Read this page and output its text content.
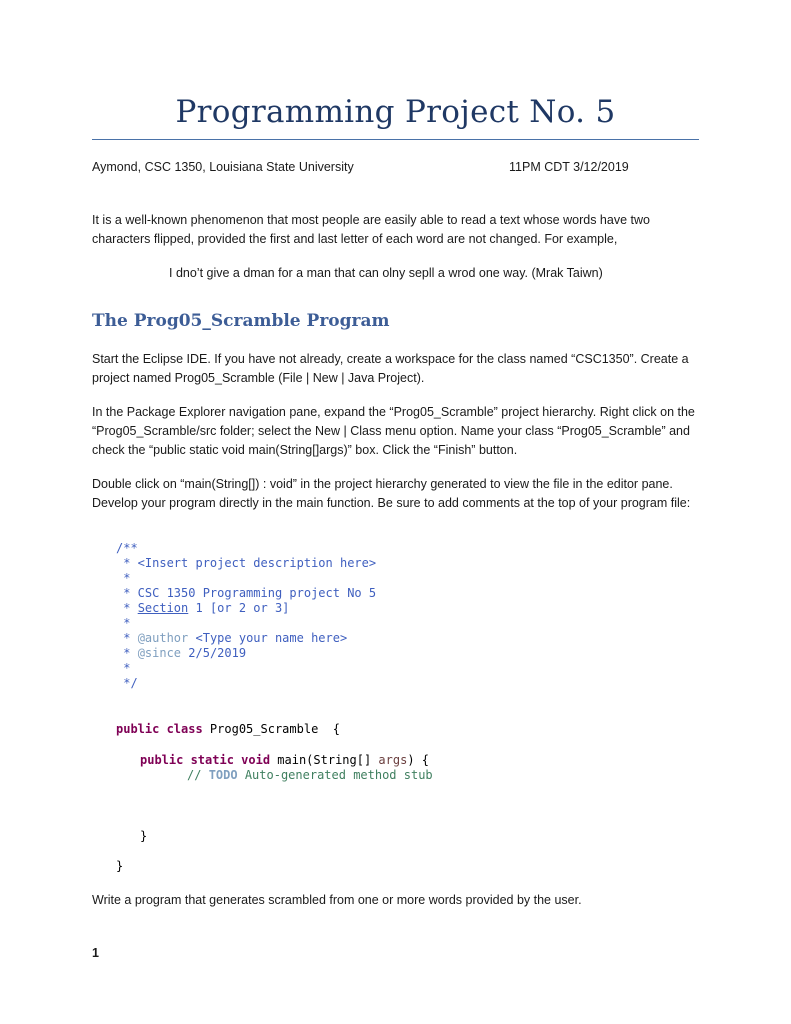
Programming Project No. 5
Aymond, CSC 1350, Louisiana State University	11PM CDT 3/12/2019

It is a well-known phenomenon that most people are easily able to read a text whose words have two characters flipped, provided the first and last letter of each word are not changed. For example,

I dno’t give a dman for a man that can olny sepll a wrod one way. (Mrak Taiwn)
The Prog05_Scramble Program

Start the Eclipse IDE. If you have not already, create a workspace for the class named “CSC1350”. Create a project named Prog05_Scramble (File | New | Java Project).

In the Package Explorer navigation pane, expand the “Prog05_Scramble” project hierarchy. Right click on the “Prog05_Scramble/src folder; select the New | Class menu option. Name your class “Prog05_Scramble” and check the “public static void main(String[]args)” box. Click the “Finish” button.

Double click on “main(String[]) : void” in the project hierarchy generated to view the file in the editor pane. Develop your program directly in the main function. Be sure to add comments at the top of your program file:

/**
* <Insert project description here>
*
* CSC 1350 Programming project No 5
* Section 1 [or 2 or 3]
*
* @author <Type your name here>
* @since 2/5/2019
*
*/
public class Prog05_Scramble  {
public static void main(String[] args) {
// TODO Auto-generated method stub
}
}
Write a program that generates scrambled from one or more words provided by the user.
1
